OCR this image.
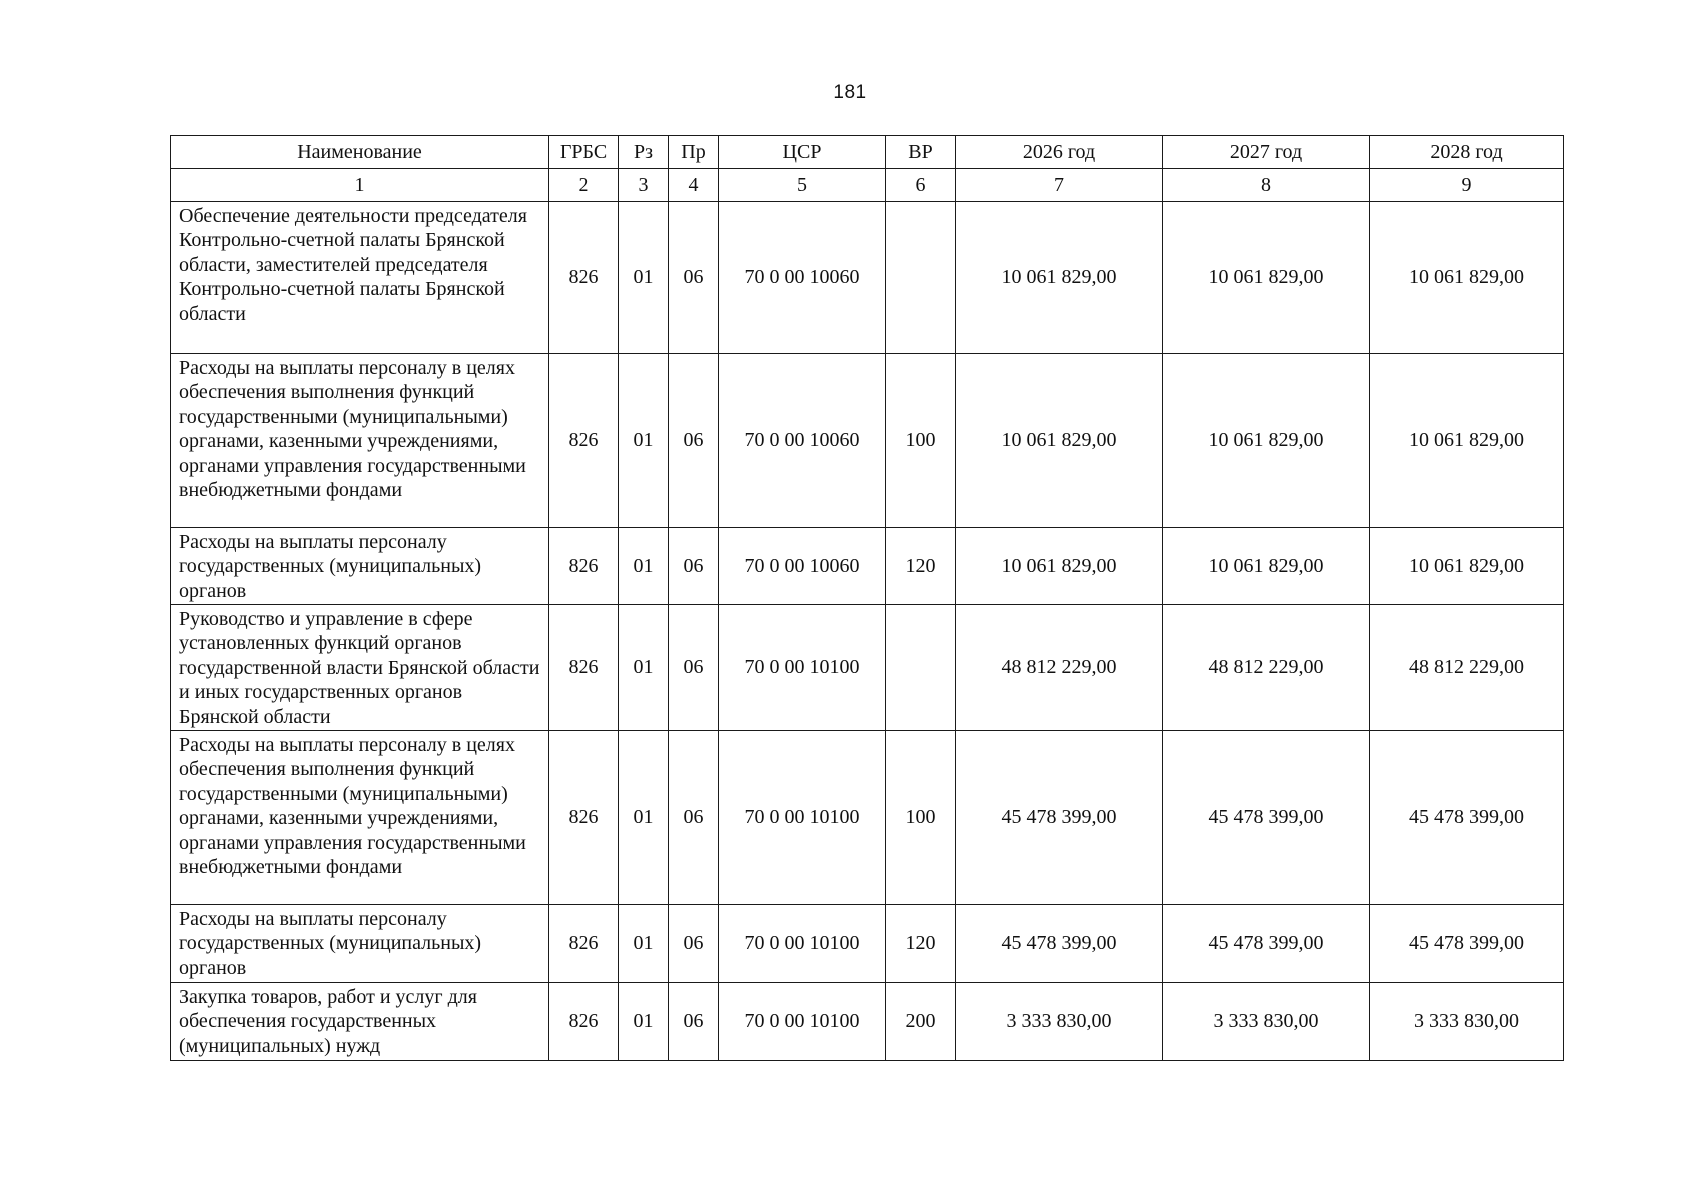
181
Наименование	ГРБС	Рз	Пр	ЦСР	ВР	2026 год	2027 год	2028 год
1	2	3	4	5	6	7	8	9
Обеспечение деятельности председателя Контрольно-счетной палаты Брянской области, заместителей председателя Контрольно-счетной палаты Брянской области	826	01	06	70 0 00 10060		10 061 829,00	10 061 829,00	10 061 829,00
Расходы на выплаты персоналу в целях обеспечения выполнения функций государственными (муниципальными) органами, казенными учреждениями, органами управления государственными внебюджетными фондами	826	01	06	70 0 00 10060	100	10 061 829,00	10 061 829,00	10 061 829,00
Расходы на выплаты персоналу государственных (муниципальных) органов	826	01	06	70 0 00 10060	120	10 061 829,00	10 061 829,00	10 061 829,00
Руководство и управление в сфере установленных функций органов государственной власти Брянской области и иных государственных органов Брянской области	826	01	06	70 0 00 10100		48 812 229,00	48 812 229,00	48 812 229,00
Расходы на выплаты персоналу в целях обеспечения выполнения функций государственными (муниципальными) органами, казенными учреждениями, органами управления государственными внебюджетными фондами	826	01	06	70 0 00 10100	100	45 478 399,00	45 478 399,00	45 478 399,00
Расходы на выплаты персоналу государственных (муниципальных) органов	826	01	06	70 0 00 10100	120	45 478 399,00	45 478 399,00	45 478 399,00
Закупка товаров, работ и услуг для обеспечения государственных (муниципальных) нужд	826	01	06	70 0 00 10100	200	3 333 830,00	3 333 830,00	3 333 830,00
